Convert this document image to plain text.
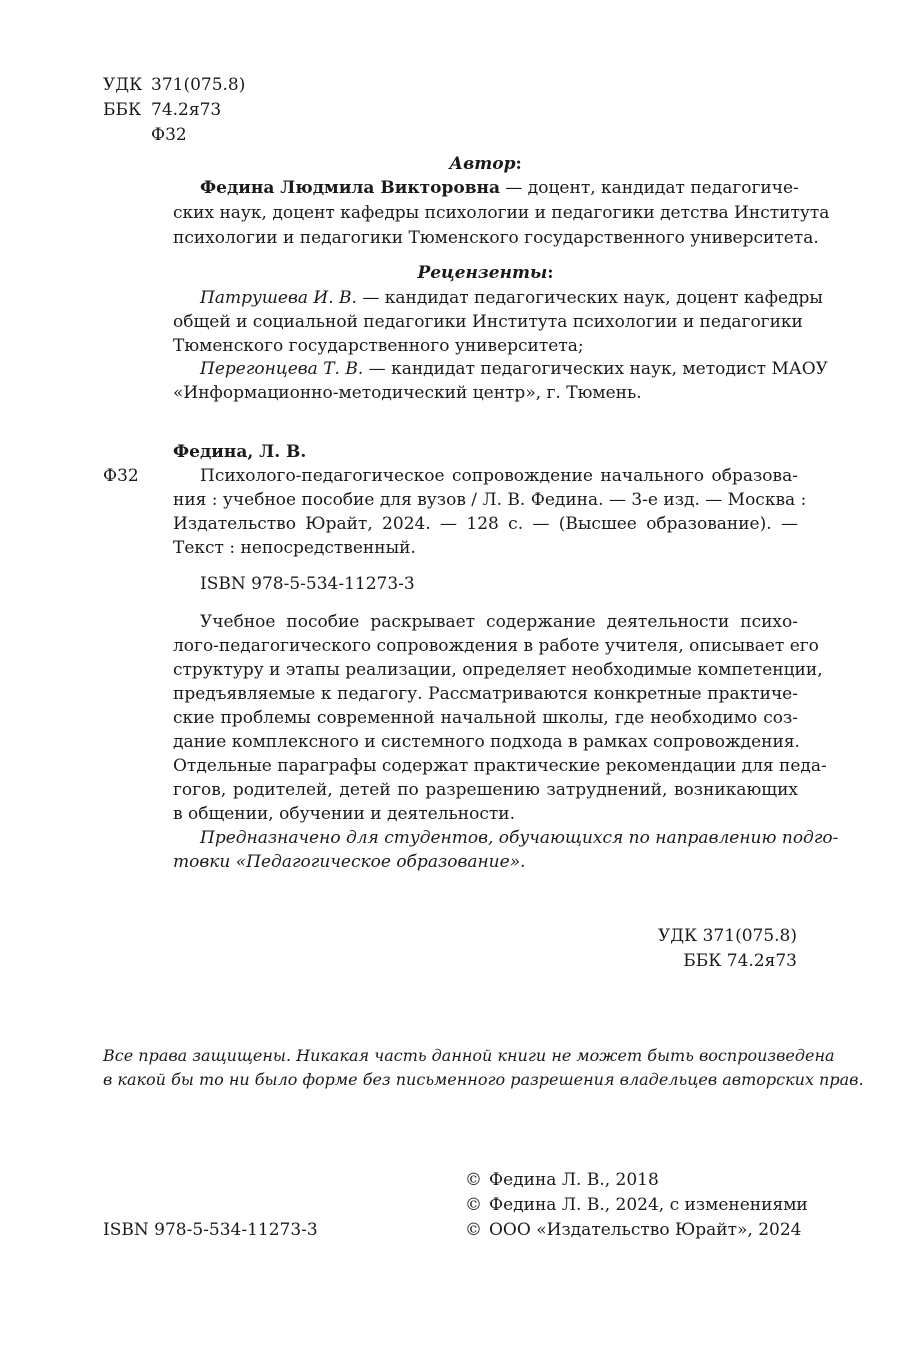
УДК 371(075.8)
ББК 74.2я73
Ф32
Автор:
Федина Людмила Викторовна — доцент, кандидат педагогиче-
ских наук, доцент кафедры психологии и педагогики детства Института
психологии и педагогики Тюменского государственного университета.
Рецензенты:
Патрушева И. В. — кандидат педагогических наук, доцент кафедры
общей и социальной педагогики Института психологии и педагогики
Тюменского государственного университета;
Перегонцева Т. В. — кандидат педагогических наук, методист МАОУ
«Информационно-методический центр», г. Тюмень.
Федина, Л. В.
Ф32	Психолого-педагогическое сопровождение начального образова-
ния : учебное пособие для вузов / Л. В. Федина. — 3-е изд. — Москва :
Издательство Юрайт, 2024. — 128 с. — (Высшее образование). —
Текст : непосредственный.
ISBN 978-5-534-11273-3
Учебное пособие раскрывает содержание деятельности психо-
лого-педагогического сопровождения в работе учителя, описывает его
структуру и этапы реализации, определяет необходимые компетенции,
предъявляемые к педагогу. Рассматриваются конкретные практиче-
ские проблемы современной начальной школы, где необходимо соз-
дание комплексного и системного подхода в рамках сопровождения.
Отдельные параграфы содержат практические рекомендации для педа-
гогов, родителей, детей по разрешению затруднений, возникающих
в общении, обучении и деятельности.
Предназначено для студентов, обучающихся по направлению подго-
товки «Педагогическое образование».
УДК 371(075.8)
ББК 74.2я73
Все права защищены. Никакая часть данной книги не может быть воспроизведена
в какой бы то ни было форме без письменного разрешения владельцев авторских прав.
ISBN 978-5-534-11273-3
© Федина Л. В., 2018
© Федина Л. В., 2024, с изменениями
© ООО «Издательство Юрайт», 2024
